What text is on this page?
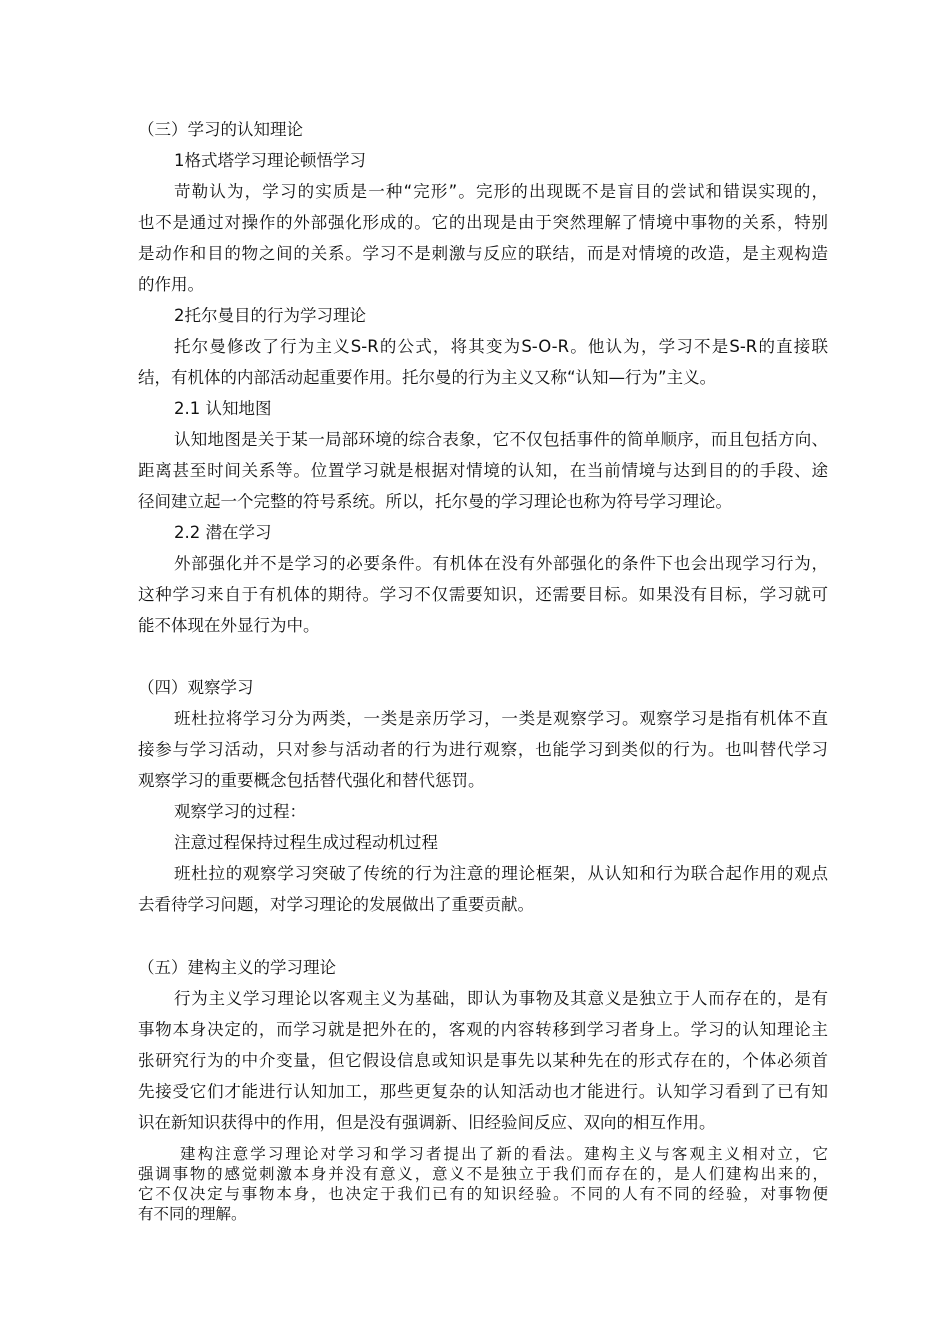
（三）学习的认知理论
1格式塔学习理论顿悟学习
苛勒认为，学习的实质是一种“完形”。完形的出现既不是盲目的尝试和错误实现的，
也不是通过对操作的外部强化形成的。它的出现是由于突然理解了情境中事物的关系，特别
是动作和目的物之间的关系。学习不是刺激与反应的联结，而是对情境的改造，是主观构造
的作用。
2托尔曼目的行为学习理论
托尔曼修改了行为主义S-R的公式，将其变为S-O-R。他认为，学习不是S-R的直接联
结，有机体的内部活动起重要作用。托尔曼的行为主义又称“认知—行为”主义。
2.1 认知地图
认知地图是关于某一局部环境的综合表象，它不仅包括事件的简单顺序，而且包括方向、
距离甚至时间关系等。位置学习就是根据对情境的认知，在当前情境与达到目的的手段、途
径间建立起一个完整的符号系统。所以，托尔曼的学习理论也称为符号学习理论。
2.2 潜在学习
外部强化并不是学习的必要条件。有机体在没有外部强化的条件下也会出现学习行为，
这种学习来自于有机体的期待。学习不仅需要知识，还需要目标。如果没有目标，学习就可
能不体现在外显行为中。
（四）观察学习
班杜拉将学习分为两类，一类是亲历学习，一类是观察学习。观察学习是指有机体不直
接参与学习活动，只对参与活动者的行为进行观察，也能学习到类似的行为。也叫替代学习
观察学习的重要概念包括替代强化和替代惩罚。
观察学习的过程：
注意过程保持过程生成过程动机过程
班杜拉的观察学习突破了传统的行为注意的理论框架，从认知和行为联合起作用的观点
去看待学习问题，对学习理论的发展做出了重要贡献。
（五）建构主义的学习理论
行为主义学习理论以客观主义为基础，即认为事物及其意义是独立于人而存在的，是有
事物本身决定的，而学习就是把外在的，客观的内容转移到学习者身上。学习的认知理论主
张研究行为的中介变量，但它假设信息或知识是事先以某种先在的形式存在的，个体必须首
先接受它们才能进行认知加工，那些更复杂的认知活动也才能进行。认知学习看到了已有知
识在新知识获得中的作用，但是没有强调新、旧经验间反应、双向的相互作用。
建构注意学习理论对学习和学习者提出了新的看法。建构主义与客观主义相对立，它
强调事物的感觉刺激本身并没有意义，意义不是独立于我们而存在的，是人们建构出来的，
它不仅决定与事物本身，也决定于我们已有的知识经验。不同的人有不同的经验，对事物便
有不同的理解。
